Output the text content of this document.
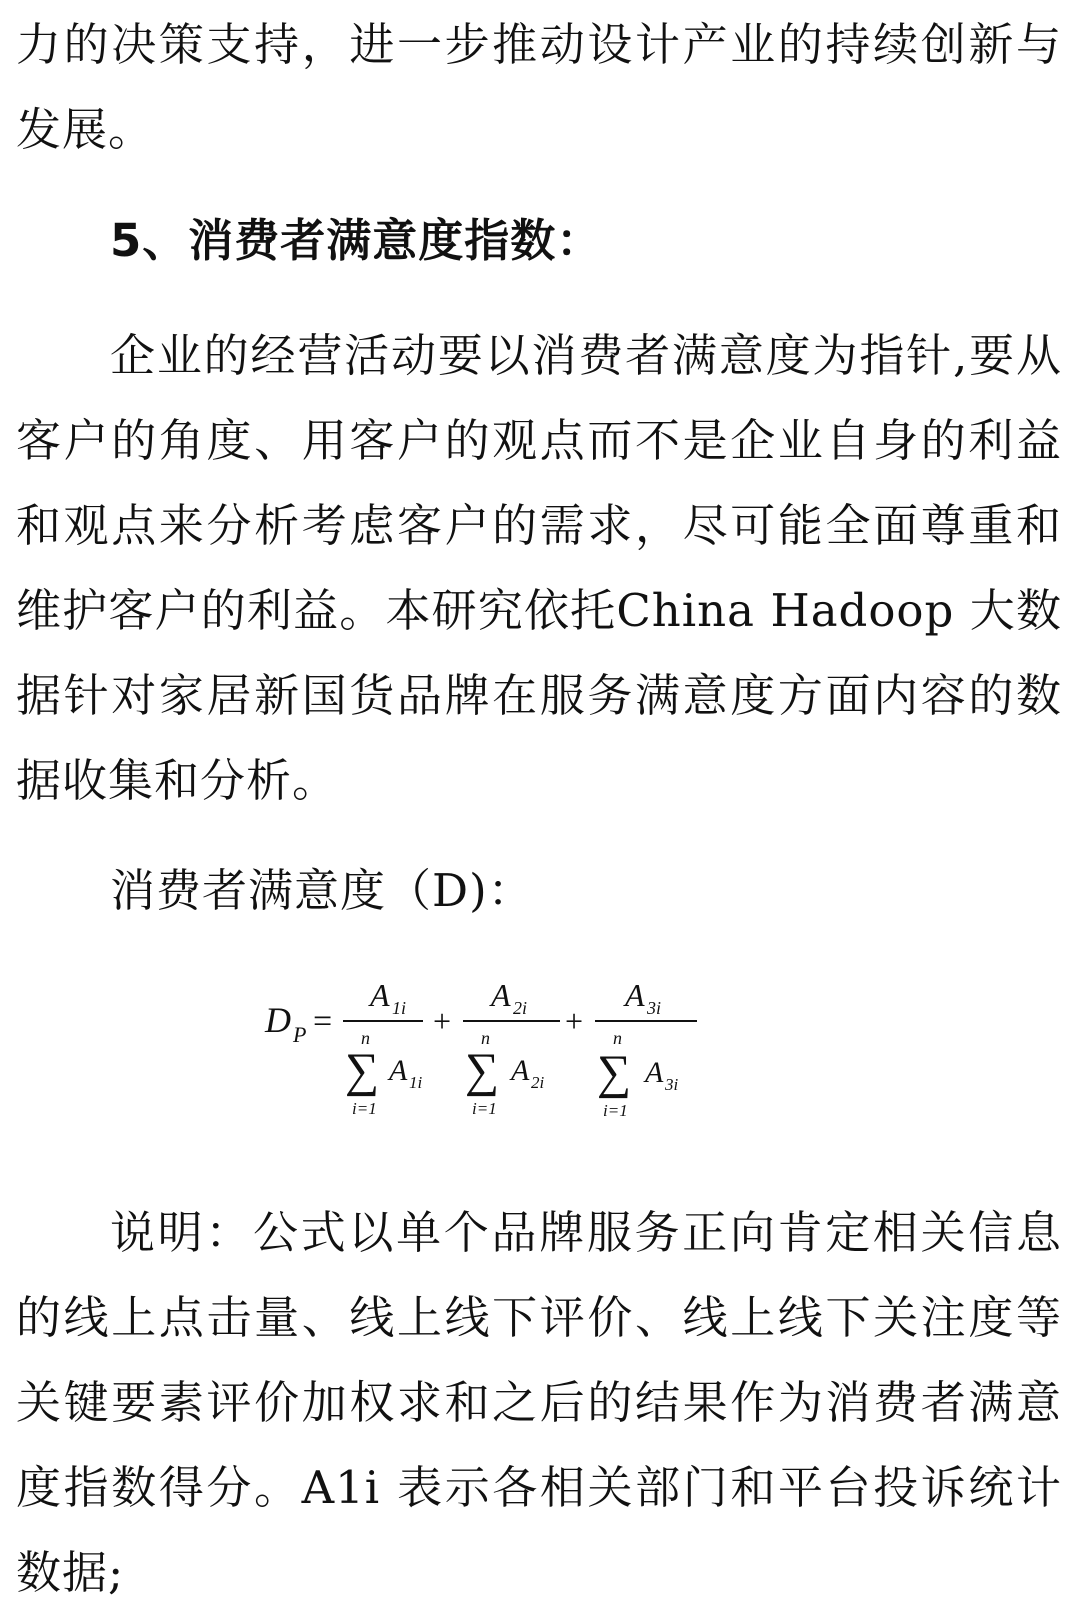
力的决策支持，进一步推动设计产业的持续创新与发展。

5、消费者满意度指数：

企业的经营活动要以消费者满意度为指针,要从客户的角度、用客户的观点而不是企业自身的利益和观点来分析考虑客户的需求，尽可能全面尊重和维护客户的利益。本研究依托China Hadoop 大数据针对家居新国货品牌在服务满意度方面内容的数据收集和分析。

消费者满意度（D)：

D P =
A 1i
n
∑
i=1
A 1i
+
A 2i
n
∑
i=1
A 2i
+
A 3i
n
∑
i=1
A 3i

说明：公式以单个品牌服务正向肯定相关信息的线上点击量、线上线下评价、线上线下关注度等关键要素评价加权求和之后的结果作为消费者满意度指数得分。A1i 表示各相关部门和平台投诉统计数据;
